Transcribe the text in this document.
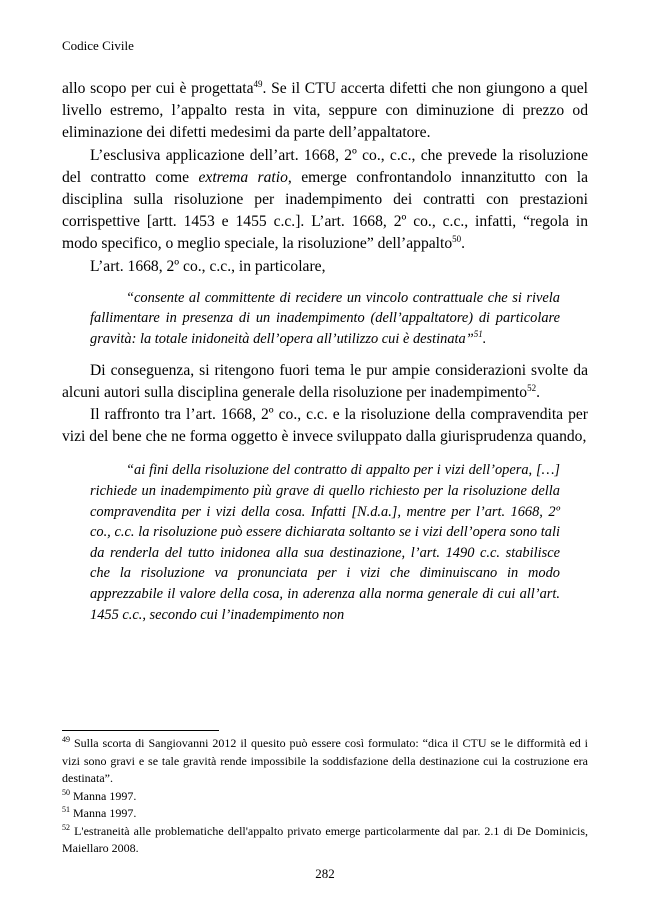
Codice Civile

allo scopo per cui è progettata$^{49}$. Se il CTU accerta difetti che non giungono a quel livello estremo, l’appalto resta in vita, seppure con diminuzione di prezzo od eliminazione dei difetti medesimi da parte dell’appaltatore.

L’esclusiva applicazione dell’art. 1668, 2º co., c.c., che prevede la risoluzione del contratto come extrema ratio, emerge confrontandolo innanzitutto con la disciplina sulla risoluzione per inadempimento dei contratti con prestazioni corrispettive [artt. 1453 e 1455 c.c.]. L’art. 1668, 2º co., c.c., infatti, “regola in modo specifico, o meglio speciale, la risoluzione” dell’appalto$^{50}$.

L’art. 1668, 2º co., c.c., in particolare,

“consente al committente di recidere un vincolo contrattuale che si rivela fallimentare in presenza di un inadempimento (dell’appaltatore) di particolare gravità: la totale inidoneità dell’opera all’utilizzo cui è destinata”$^{51}$.

Di conseguenza, si ritengono fuori tema le pur ampie considerazioni svolte da alcuni autori sulla disciplina generale della risoluzione per inadempimento$^{52}$.

Il raffronto tra l’art. 1668, 2º co., c.c. e la risoluzione della compravendita per vizi del bene che ne forma oggetto è invece sviluppato dalla giurisprudenza quando,

“ai fini della risoluzione del contratto di appalto per i vizi dell’opera, […] richiede un inadempimento più grave di quello richiesto per la risoluzione della compravendita per i vizi della cosa. Infatti [N.d.a.], mentre per l’art. 1668, 2º co., c.c. la risoluzione può essere dichiarata soltanto se i vizi dell’opera sono tali da renderla del tutto inidonea alla sua destinazione, l’art. 1490 c.c. stabilisce che la risoluzione va pronunciata per i vizi che diminuiscano in modo apprezzabile il valore della cosa, in aderenza alla norma generale di cui all’art. 1455 c.c., secondo cui l’inadempimento non

$^{49}$ Sulla scorta di Sangiovanni 2012 il quesito può essere così formulato: “dica il CTU se le difformità ed i vizi sono gravi e se tale gravità rende impossibile la soddisfazione della destinazione cui la costruzione era destinata”.
$^{50}$ Manna 1997.
$^{51}$ Manna 1997.
$^{52}$ L'estraneità alle problematiche dell'appalto privato emerge particolarmente dal par. 2.1 di De Dominicis, Maiellaro 2008.
282
